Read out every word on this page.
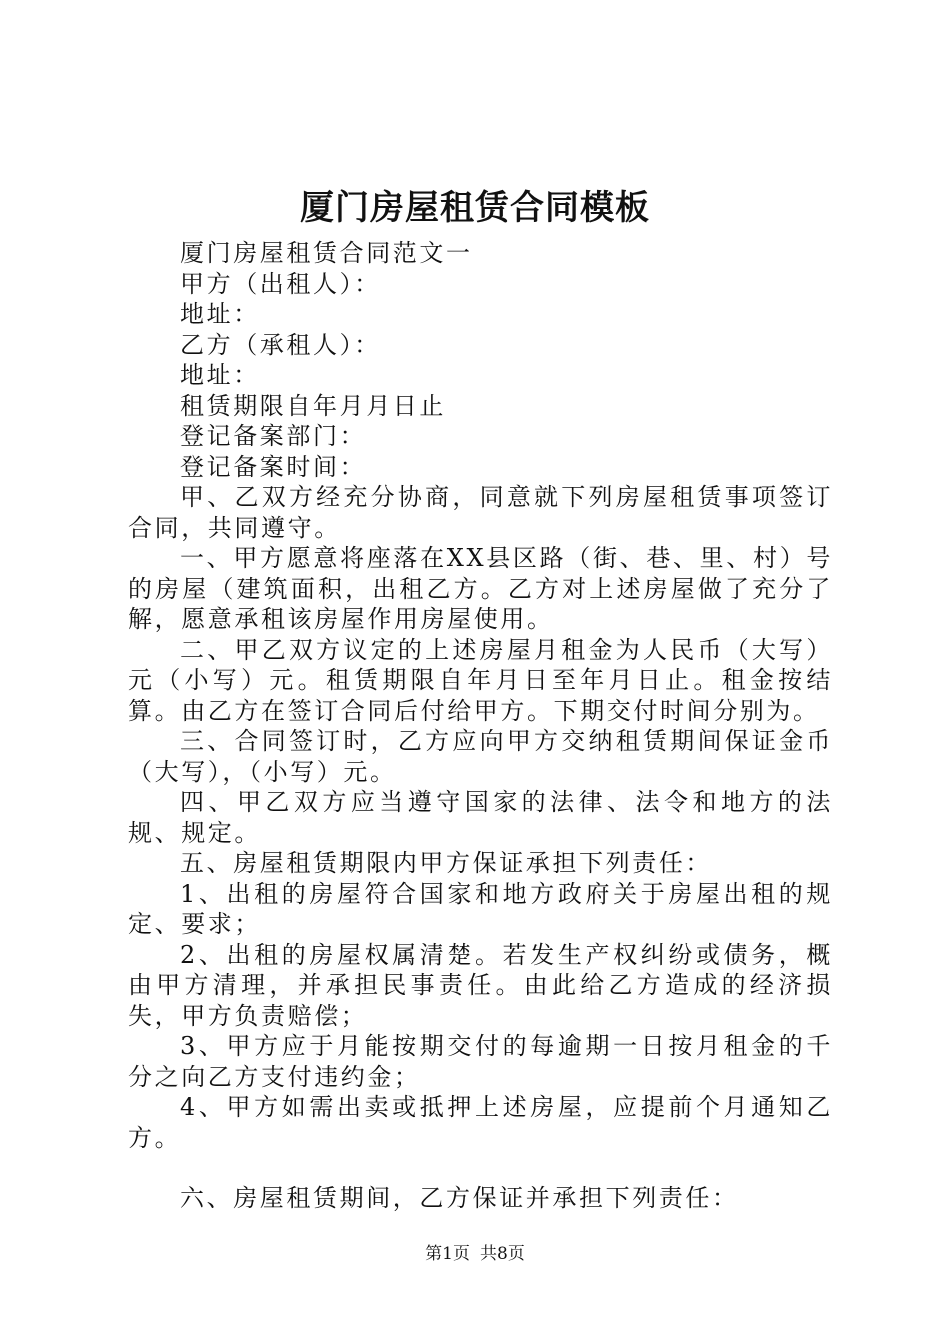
厦门房屋租赁合同模板

厦门房屋租赁合同范文一

甲方（出租人）：

地址：

乙方（承租人）：

地址：

租赁期限自年月月日止

登记备案部门：

登记备案时间：

甲、乙双方经充分协商，同意就下列房屋租赁事项签订合同，共同遵守。

一、甲方愿意将座落在XX县区路（街、巷、里、村）号的房屋（建筑面积，出租乙方。乙方对上述房屋做了充分了解，愿意承租该房屋作用房屋使用。

二、甲乙双方议定的上述房屋月租金为人民币（大写）元（小写）元。租赁期限自年月日至年月日止。租金按结算。由乙方在签订合同后付给甲方。下期交付时间分别为。

三、合同签订时，乙方应向甲方交纳租赁期间保证金币（大写），（小写）元。

四、甲乙双方应当遵守国家的法律、法令和地方的法规、规定。

五、房屋租赁期限内甲方保证承担下列责任：

1、出租的房屋符合国家和地方政府关于房屋出租的规定、要求；

2、出租的房屋权属清楚。若发生产权纠纷或债务，概由甲方清理，并承担民事责任。由此给乙方造成的经济损失，甲方负责赔偿；

3、甲方应于月能按期交付的每逾期一日按月租金的千分之向乙方支付违约金；

4、甲方如需出卖或抵押上述房屋，应提前个月通知乙方。

六、房屋租赁期间，乙方保证并承担下列责任：

第1页 共8页
